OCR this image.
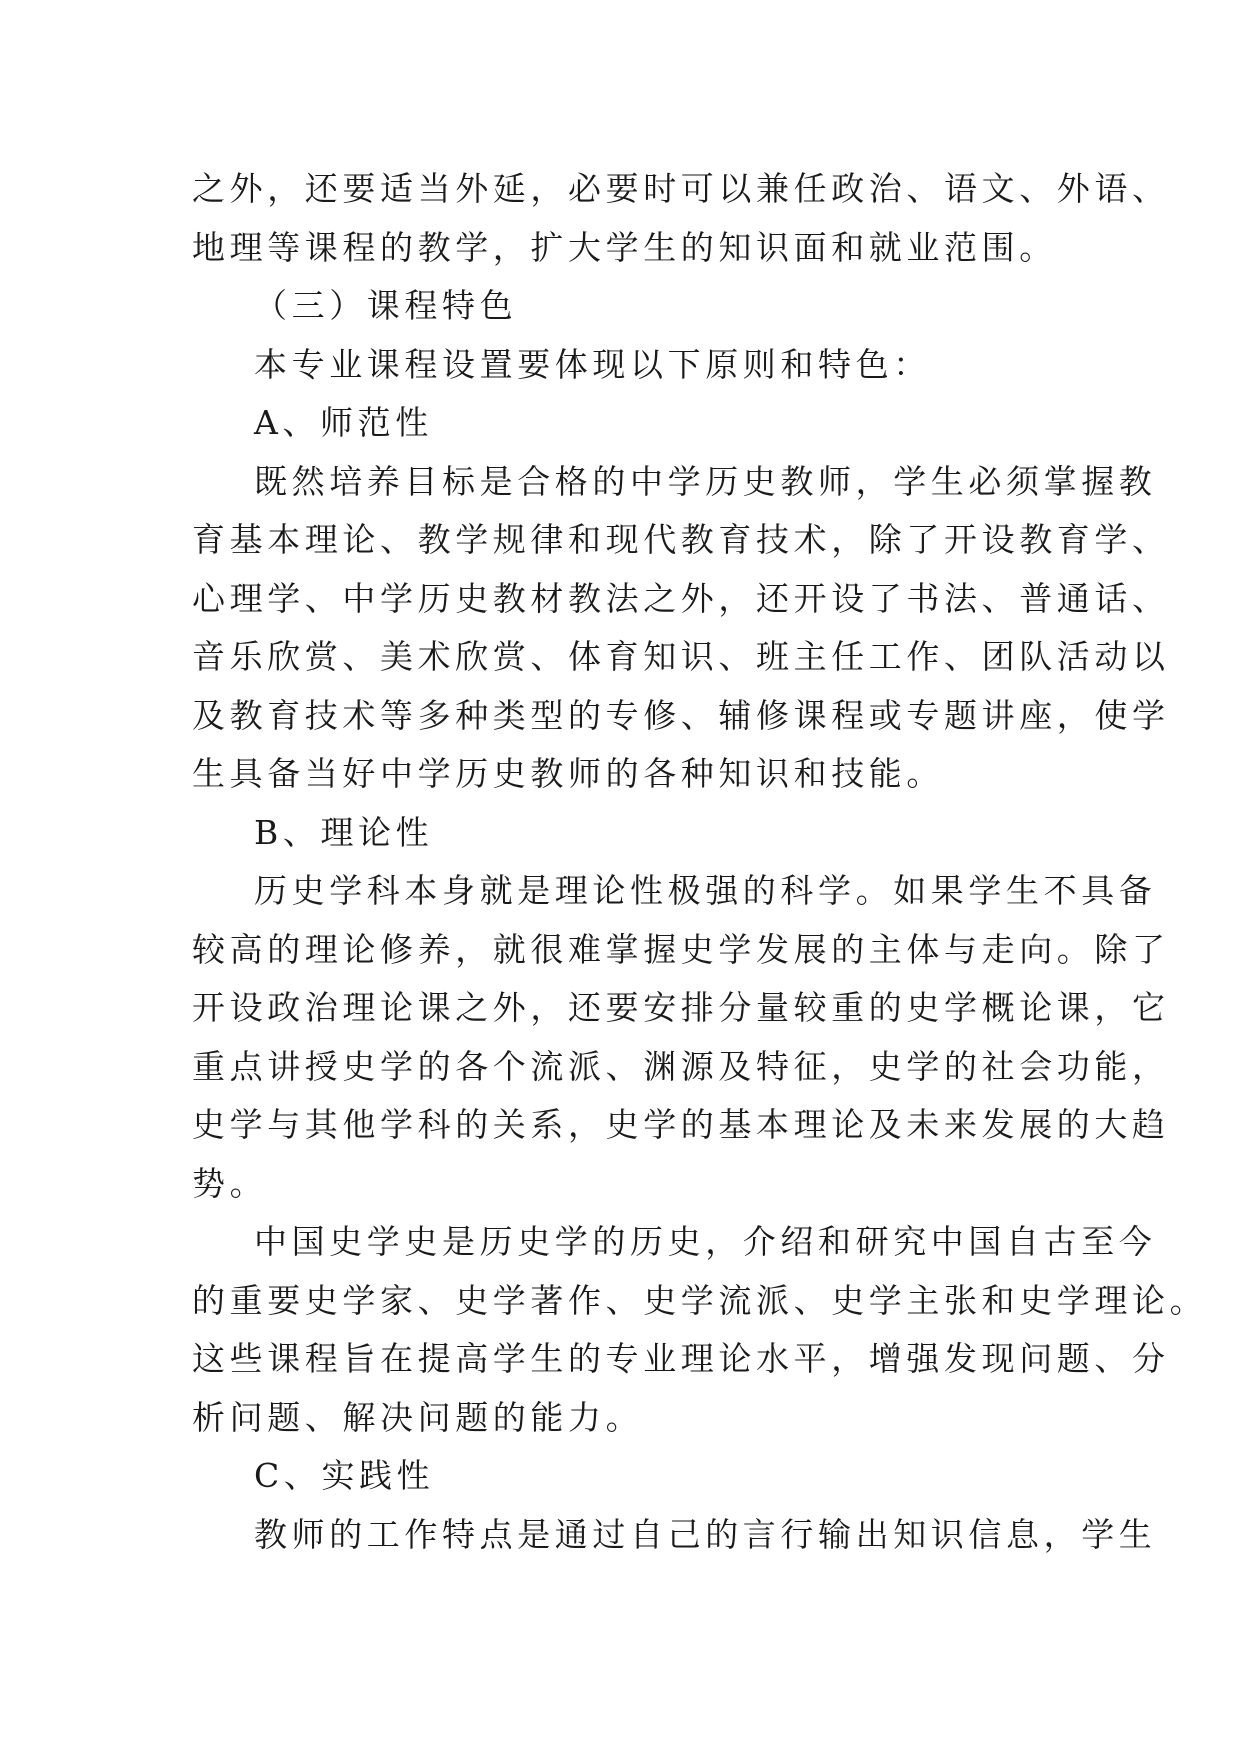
之外，还要适当外延，必要时可以兼任政治、语文、外语、
地理等课程的教学，扩大学生的知识面和就业范围。
（三）课程特色
本专业课程设置要体现以下原则和特色：
A、师范性
既然培养目标是合格的中学历史教师，学生必须掌握教
育基本理论、教学规律和现代教育技术，除了开设教育学、
心理学、中学历史教材教法之外，还开设了书法、普通话、
音乐欣赏、美术欣赏、体育知识、班主任工作、团队活动以
及教育技术等多种类型的专修、辅修课程或专题讲座，使学
生具备当好中学历史教师的各种知识和技能。
B、理论性
历史学科本身就是理论性极强的科学。如果学生不具备
较高的理论修养，就很难掌握史学发展的主体与走向。除了
开设政治理论课之外，还要安排分量较重的史学概论课，它
重点讲授史学的各个流派、渊源及特征，史学的社会功能，
史学与其他学科的关系，史学的基本理论及未来发展的大趋
势。
中国史学史是历史学的历史，介绍和研究中国自古至今
的重要史学家、史学著作、史学流派、史学主张和史学理论。
这些课程旨在提高学生的专业理论水平，增强发现问题、分
析问题、解决问题的能力。
C、实践性
教师的工作特点是通过自己的言行输出知识信息，学生
